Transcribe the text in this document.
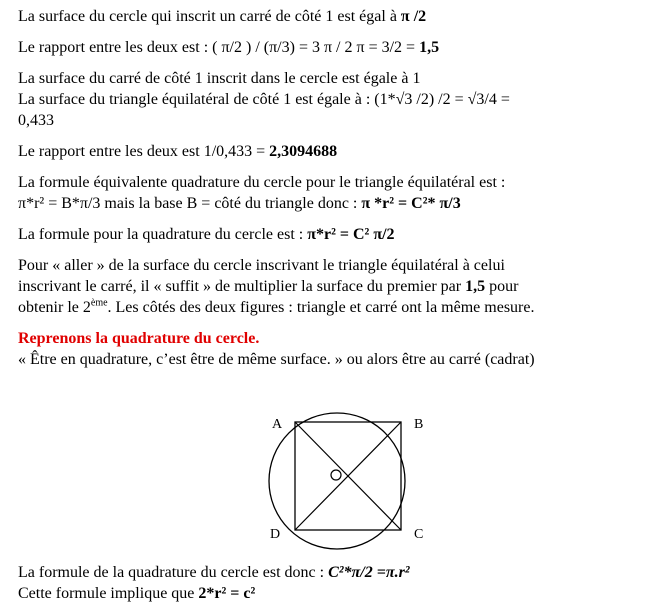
La surface du cercle qui inscrit un carré de côté 1 est égal à π /2

Le rapport entre les deux est : ( π/2 ) / (π/3) = 3 π / 2 π = 3/2 = 1,5

La surface du carré de côté 1 inscrit dans le cercle est égale à 1
La surface du triangle équilatéral de côté 1 est égale à : (1*√3 /2) /2 = √3/4 =
0,433

Le rapport entre les deux est 1/0,433 = 2,3094688

La formule équivalente quadrature du cercle pour le triangle équilatéral est :
π*r² = B*π/3 mais la base B = côté du triangle donc : π *r² = C²* π/3

La formule pour la quadrature du cercle est : π*r² = C² π/2

Pour « aller » de la surface du cercle inscrivant le triangle équilatéral à celui
inscrivant le carré, il « suffit » de multiplier la surface du premier par 1,5 pour
obtenir le 2ème. Les côtés des deux figures : triangle et carré ont la même mesure.

Reprenons la quadrature du cercle.

« Être en quadrature, c’est être de même surface. » ou alors être au carré (cadrat)

A	B
C
D

La formule de la quadrature du cercle est donc : C²*π/2 =π.r²

Cette formule implique que 2*r² = c²
